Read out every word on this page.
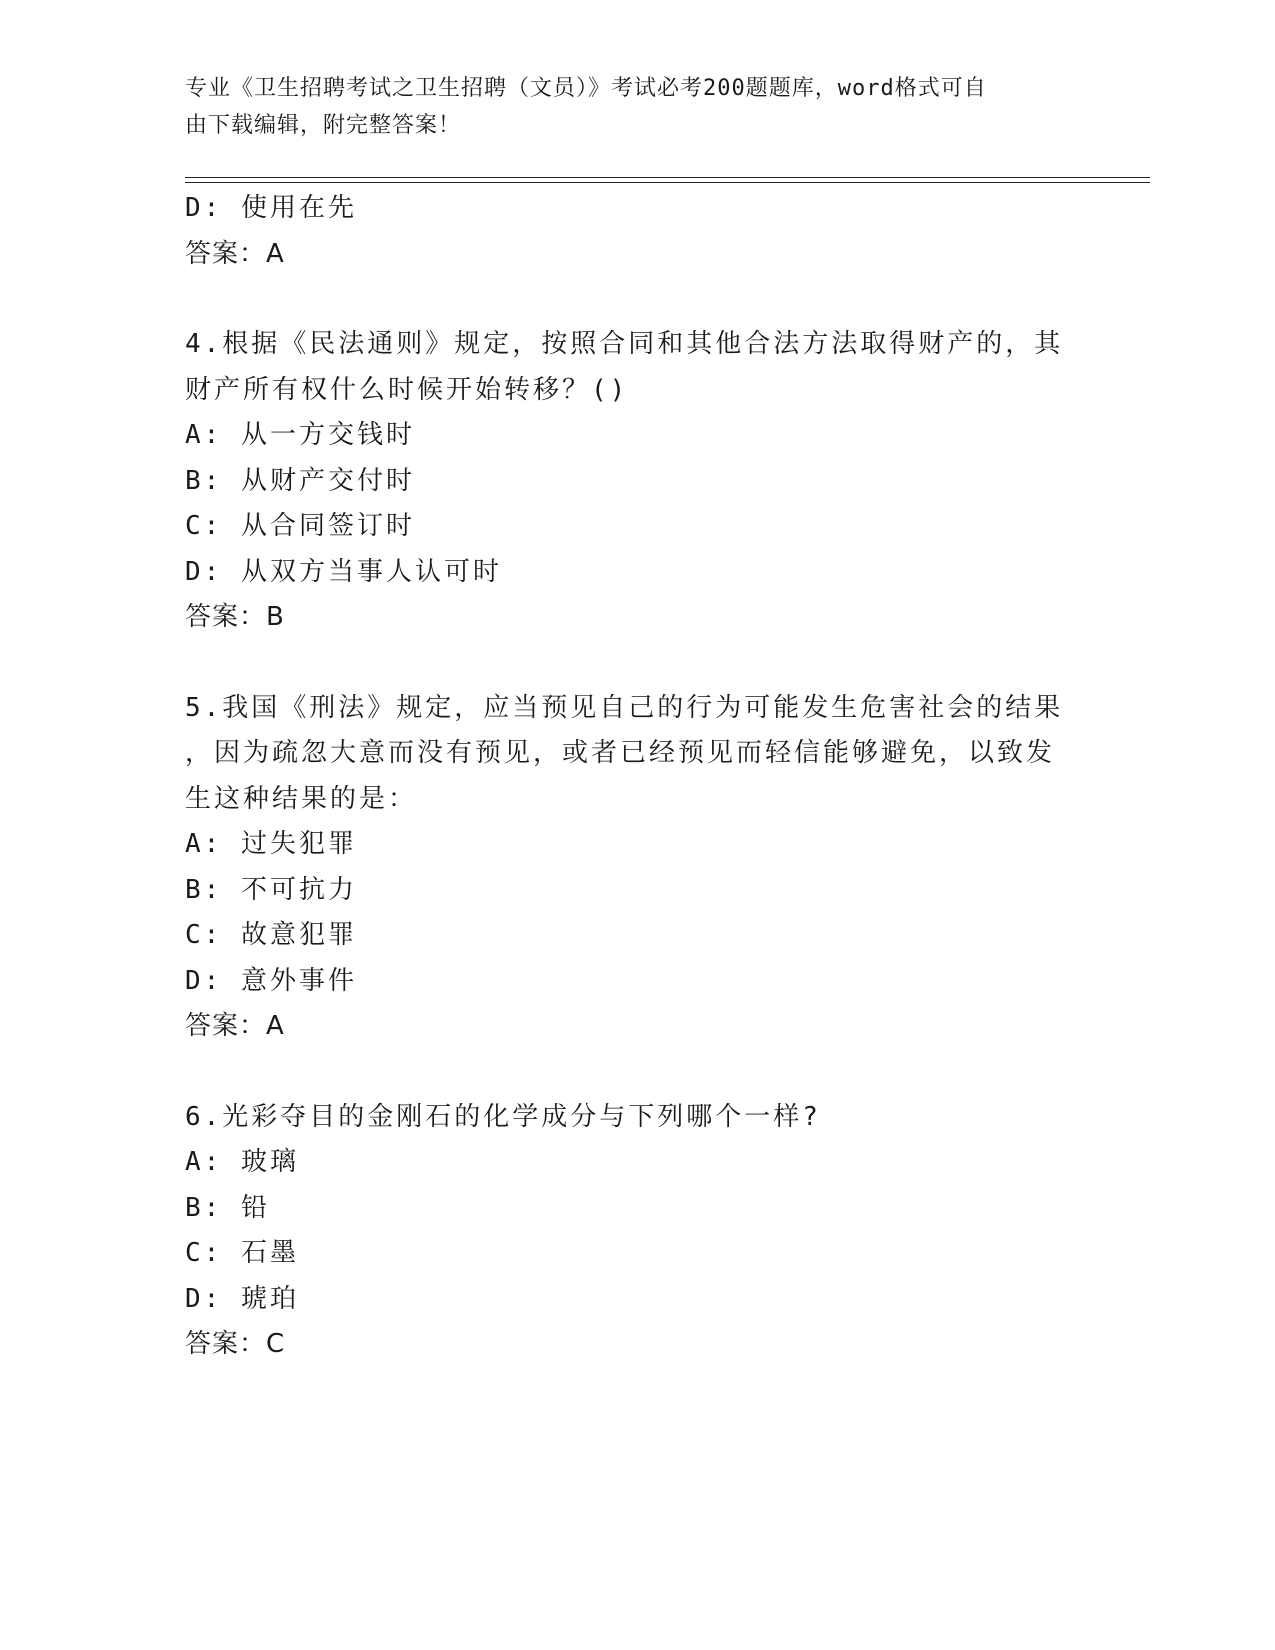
专业《卫生招聘考试之卫生招聘（文员）》考试必考200题题库，word格式可自
由下载编辑，附完整答案！
D: 使用在先
答案：A
4.根据《民法通则》规定，按照合同和其他合法方法取得财产的，其
财产所有权什么时候开始转移？()
A: 从一方交钱时
B: 从财产交付时
C: 从合同签订时
D: 从双方当事人认可时
答案：B
5.我国《刑法》规定，应当预见自己的行为可能发生危害社会的结果
，因为疏忽大意而没有预见，或者已经预见而轻信能够避免，以致发
生这种结果的是：
A: 过失犯罪
B: 不可抗力
C: 故意犯罪
D: 意外事件
答案：A
6.光彩夺目的金刚石的化学成分与下列哪个一样?
A: 玻璃
B: 铅
C: 石墨
D: 琥珀
答案：C
